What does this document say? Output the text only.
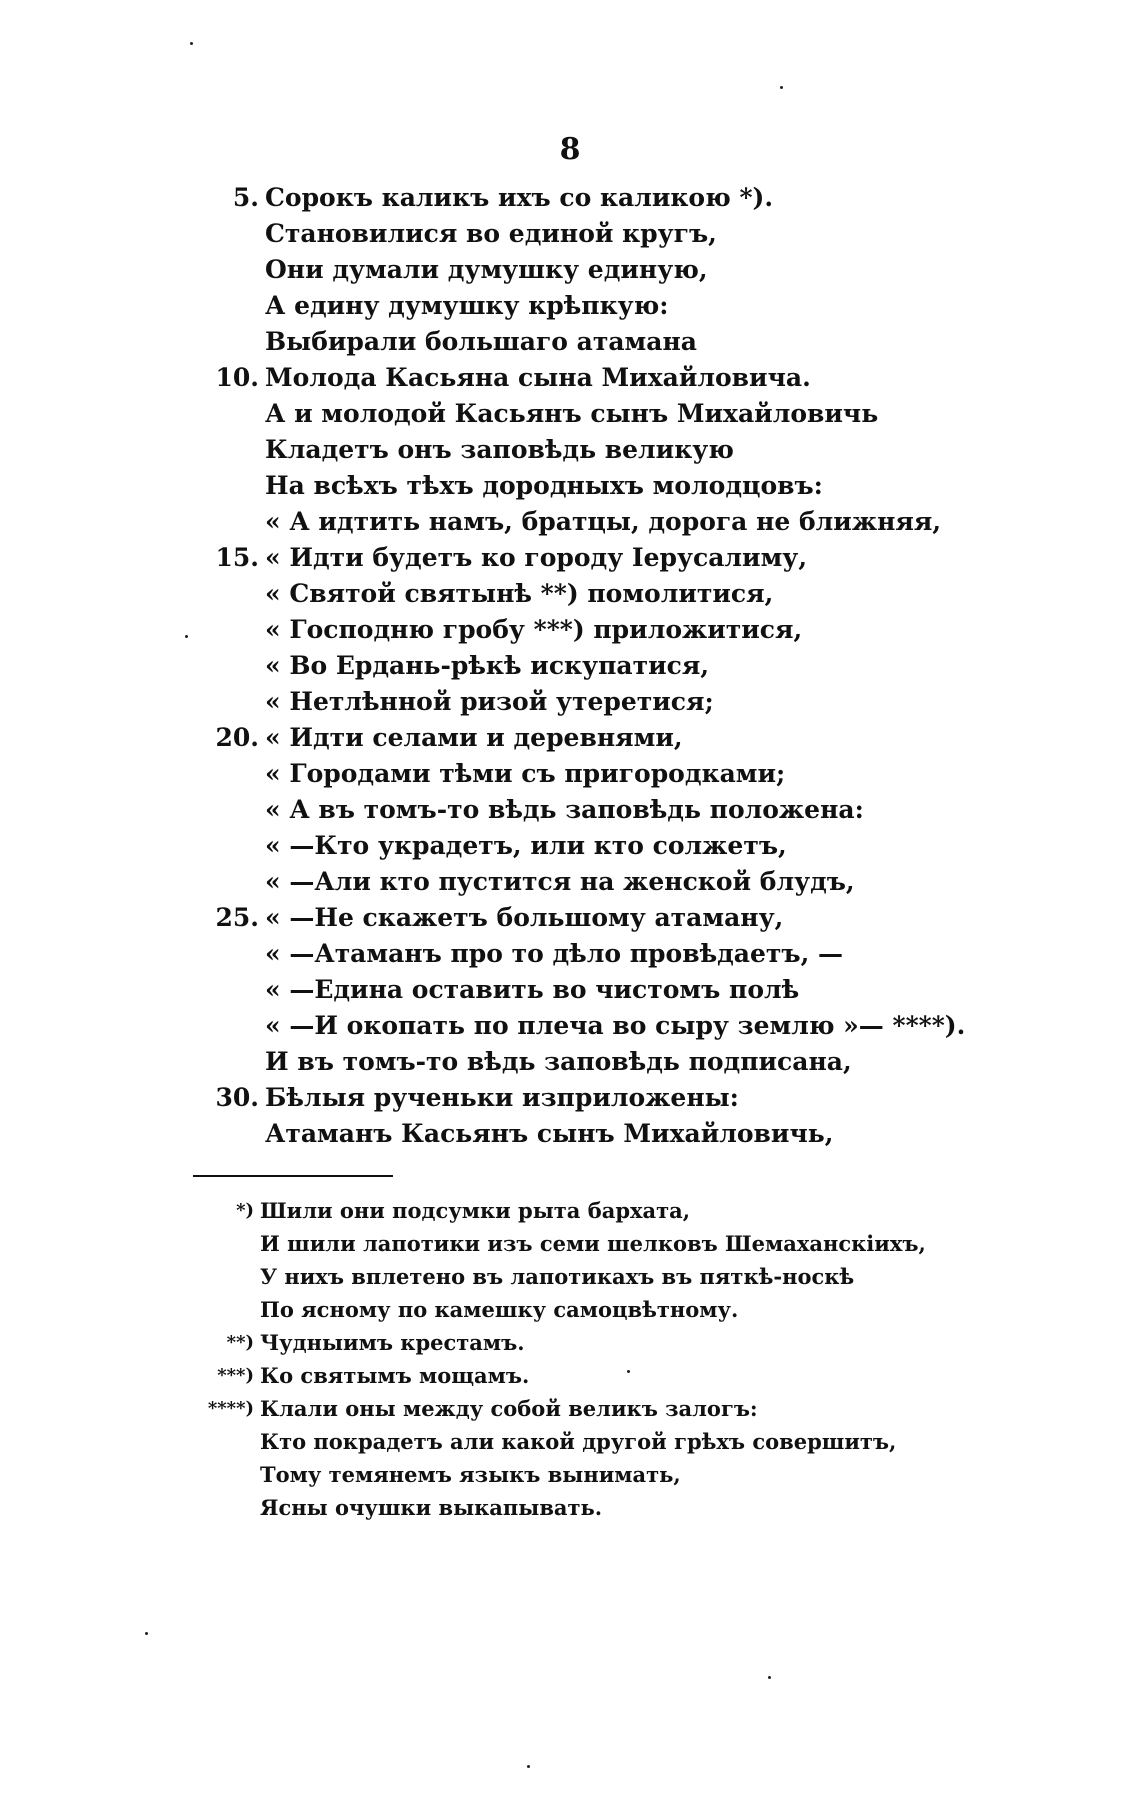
8
5. Сорокъ каликъ ихъ со каликою *).
Становилися во единой кругъ,
Они думали думушку единую,
А едину думушку крѣпкую:
Выбирали большаго атамана
10. Молода Касьяна сына Михайловича.
А и молодой Касьянъ сынъ Михайловичь
Кладетъ онъ заповѣдь великую
На всѣхъ тѣхъ дородныхъ молодцовъ:
« А идтить намъ, братцы, дорога не ближняя,
15. « Идти будетъ ко городу Іерусалиму,
« Святой святынѣ **) помолитися,
« Господню гробу ***) приложитися,
« Во Ердань-рѣкѣ искупатися,
« Нетлѣнной ризой утеретися;
20. « Идти селами и деревнями,
« Городами тѣми съ пригородками;
« А въ томъ-то вѣдь заповѣдь положена:
« —Кто украдетъ, или кто солжетъ,
« —Али кто пустится на женской блудъ,
25. « —Не скажетъ большому атаману,
« —Атаманъ про то дѣло провѣдаетъ, —
« —Едина оставить во чистомъ полѣ
« —И окопать по плеча во сыру землю »— ****).
И въ томъ-то вѣдь заповѣдь подписана,
30. Бѣлыя рученьки изприложены:
Атаманъ Касьянъ сынъ Михайловичь,
*) Шили они подсумки рыта бархата,
И шили лапотики изъ семи шелковъ Шемаханскіихъ,
У нихъ вплетено въ лапотикахъ въ пяткѣ-носкѣ
По ясному по камешку самоцвѣтному.
**) Чудныимъ крестамъ.
***) Ко святымъ мощамъ.
****) Клали оны между собой великъ залогъ:
Кто покрадетъ али какой другой грѣхъ совершитъ,
Тому темянемъ языкъ вынимать,
Ясны очушки выкапывать.
